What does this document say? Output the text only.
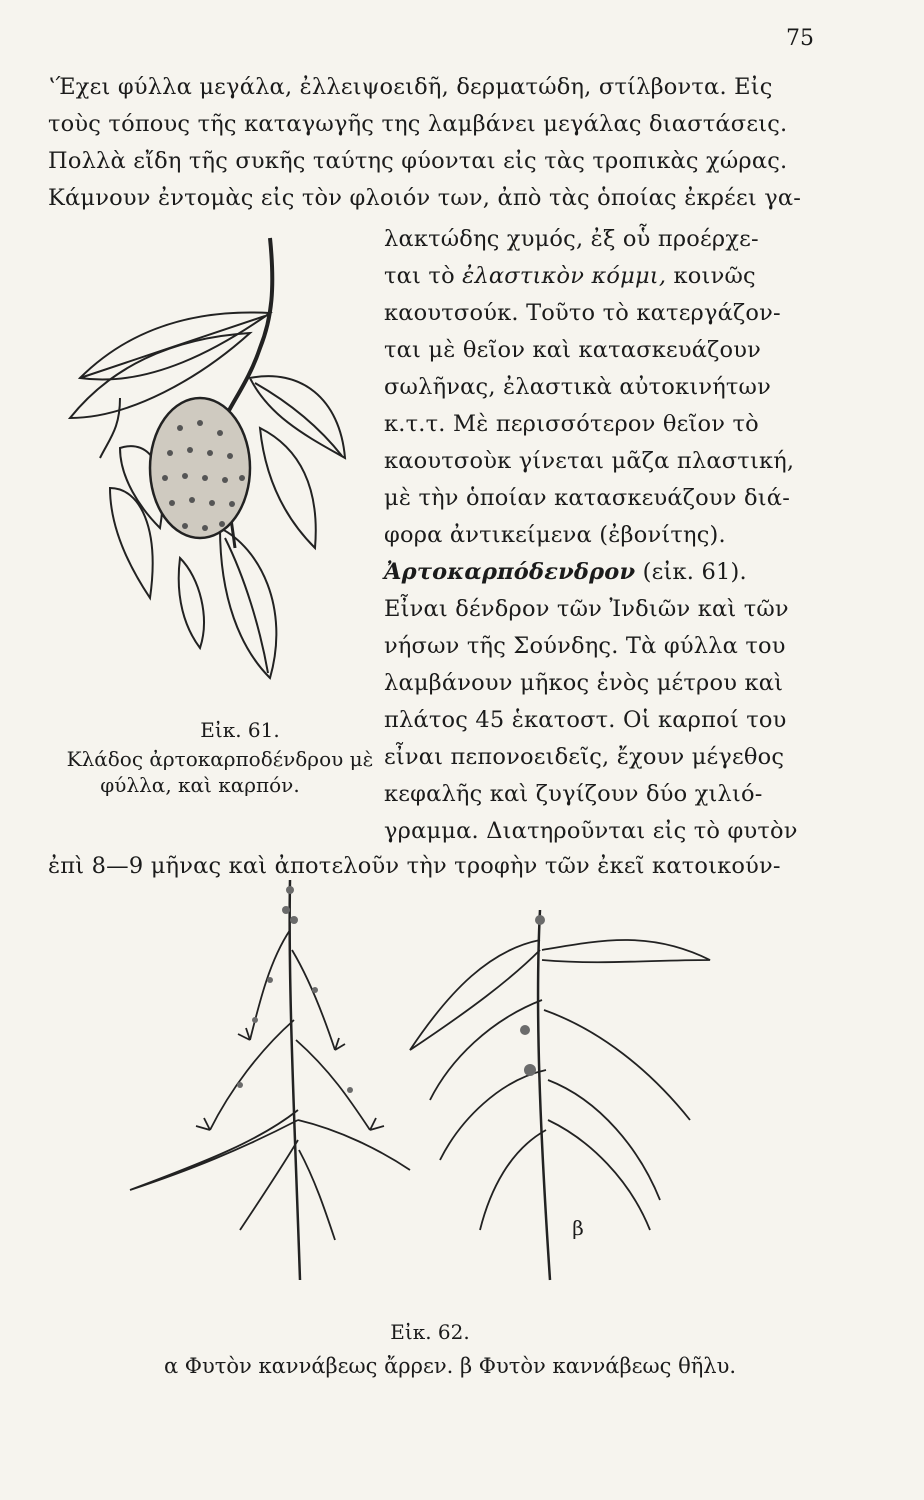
75
ʽΈχει φύλλα μεγάλα, ἐλλειψοειδῆ, δερματώδη, στίλβοντα. Εἰς
τοὺς τόπους τῆς καταγωγῆς της λαμβάνει μεγάλας διαστάσεις.
Πολλὰ εἴδη τῆς συκῆς ταύτης φύονται εἰς τὰς τροπικὰς χώρας.
Κάμνουν ἐντομὰς εἰς τὸν φλοιόν των, ἀπὸ τὰς ὁποίας ἐκρέει γα-
λακτώδης χυμός, ἐξ οὗ προέρχε-
ται τὸ ἐλαστικὸν κόμμι, κοινῶς
καουτσούκ. Τοῦτο τὸ κατεργάζον-
ται μὲ θεῖον καὶ κατασκευάζουν
σωλῆνας, ἐλαστικὰ αὐτοκινήτων
κ.τ.τ. Μὲ περισσότερον θεῖον τὸ
καουτσοὺκ γίνεται μᾶζα πλαστική,
μὲ τὴν ὁποίαν κατασκευάζουν διά-
φορα ἀντικείμενα (ἐβονίτης).
Ἀρτοκαρπόδενδρον (εἰκ. 61).
Εἶναι δένδρον τῶν Ἰνδιῶν καὶ τῶν
νήσων τῆς Σούνδης. Τὰ φύλλα του
λαμβάνουν μῆκος ἑνὸς μέτρου καὶ
πλάτος 45 ἑκατοστ. Οἱ καρποί του
εἶναι πεπονοειδεῖς, ἔχουν μέγεθος
κεφαλῆς καὶ ζυγίζουν δύο χιλιό-
γραμμα. Διατηροῦνται εἰς τὸ φυτὸν
ἐπὶ 8—9 μῆνας καὶ ἀποτελοῦν τὴν τροφὴν τῶν ἐκεῖ κατοικούν-
Εἰκ. 61.
Κλάδος ἀρτοκαρποδένδρου μὲ
φύλλα, καὶ καρπόν.
β
Εἰκ. 62.
α Φυτὸν καννάβεως ἄρρεν. β Φυτὸν καννάβεως θῆλυ.
